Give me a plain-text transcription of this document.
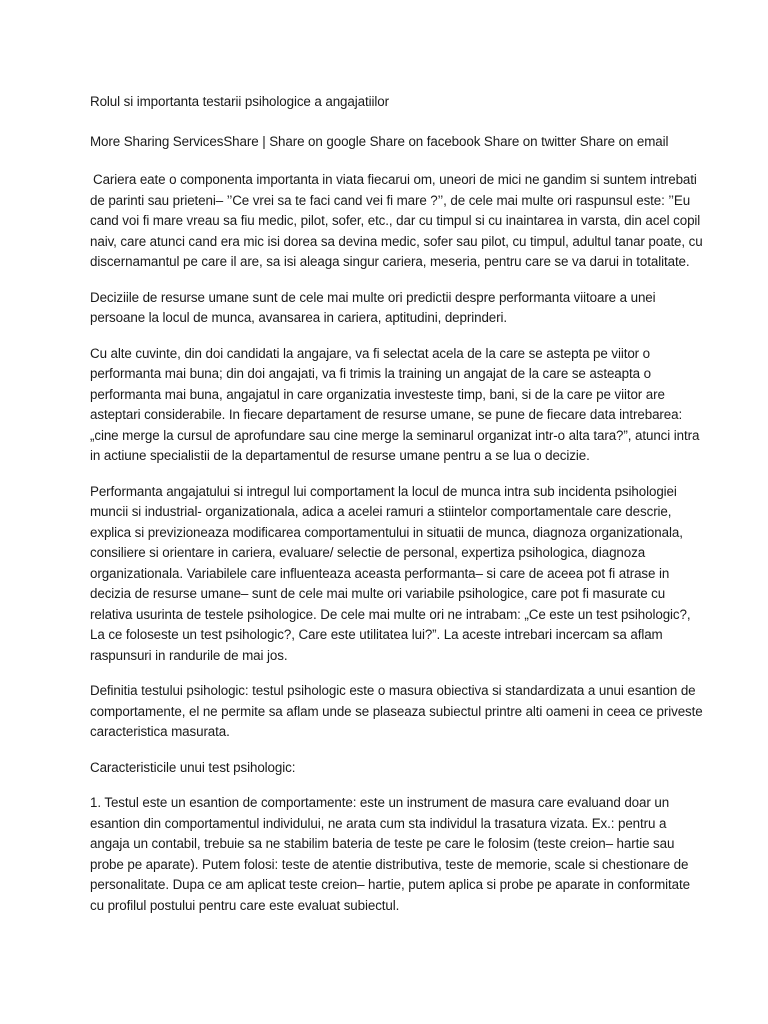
Rolul si importanta testarii psihologice a angajatiilor

More Sharing ServicesShare | Share on google Share on facebook Share on twitter Share on email

Cariera eate o componenta importanta in viata fiecarui om, uneori de mici ne gandim si suntem intrebati de parinti sau prieteni– ’’Ce vrei sa te faci cand vei fi mare ?’’, de cele mai multe ori raspunsul este: ’’Eu cand voi fi mare vreau sa fiu medic, pilot, sofer, etc., dar cu timpul si cu inaintarea in varsta, din acel copil naiv, care atunci cand era mic isi dorea sa devina medic, sofer sau pilot, cu timpul, adultul tanar poate, cu discernamantul pe care il are, sa isi aleaga singur cariera, meseria, pentru care se va darui in totalitate.

Deciziile de resurse umane sunt de cele mai multe ori predictii despre performanta viitoare a unei persoane la locul de munca, avansarea in cariera, aptitudini, deprinderi.

Cu alte cuvinte, din doi candidati la angajare, va fi selectat acela de la care se astepta pe viitor o performanta mai buna; din doi angajati, va fi trimis la training un angajat de la care se asteapta o performanta mai buna, angajatul in care organizatia investeste timp, bani, si de la care pe viitor are asteptari considerabile. In fiecare departament de resurse umane, se pune de fiecare data intrebarea: „cine merge la cursul de aprofundare sau cine merge la seminarul organizat intr-o alta tara?”, atunci intra in actiune specialistii de la departamentul de resurse umane pentru a se lua o decizie.

Performanta angajatului si intregul lui comportament la locul de munca intra sub incidenta psihologiei muncii si industrial- organizationala, adica a acelei ramuri a stiintelor comportamentale care descrie, explica si previzioneaza modificarea comportamentului in situatii de munca, diagnoza organizationala, consiliere si orientare in cariera, evaluare/ selectie de personal, expertiza psihologica, diagnoza organizationala. Variabilele care influenteaza aceasta performanta– si care de aceea pot fi atrase in decizia de resurse umane– sunt de cele mai multe ori variabile psihologice, care pot fi masurate cu relativa usurinta de testele psihologice. De cele mai multe ori ne intrabam: „Ce este un test psihologic?, La ce foloseste un test psihologic?, Care este utilitatea lui?”. La aceste intrebari incercam sa aflam raspunsuri in randurile de mai jos.

Definitia testului psihologic: testul psihologic este o masura obiectiva si standardizata a unui esantion de comportamente, el ne permite sa aflam unde se plaseaza subiectul printre alti oameni in ceea ce priveste caracteristica masurata.

Caracteristicile unui test psihologic:

1. Testul este un esantion de comportamente: este un instrument de masura care evaluand doar un esantion din comportamentul individului, ne arata cum sta individul la trasatura vizata. Ex.: pentru a angaja un contabil, trebuie sa ne stabilim bateria de teste pe care le folosim (teste creion– hartie sau probe pe aparate). Putem folosi: teste de atentie distributiva, teste de memorie, scale si chestionare de personalitate. Dupa ce am aplicat teste creion– hartie, putem aplica si probe pe aparate in conformitate cu profilul postului pentru care este evaluat subiectul.
